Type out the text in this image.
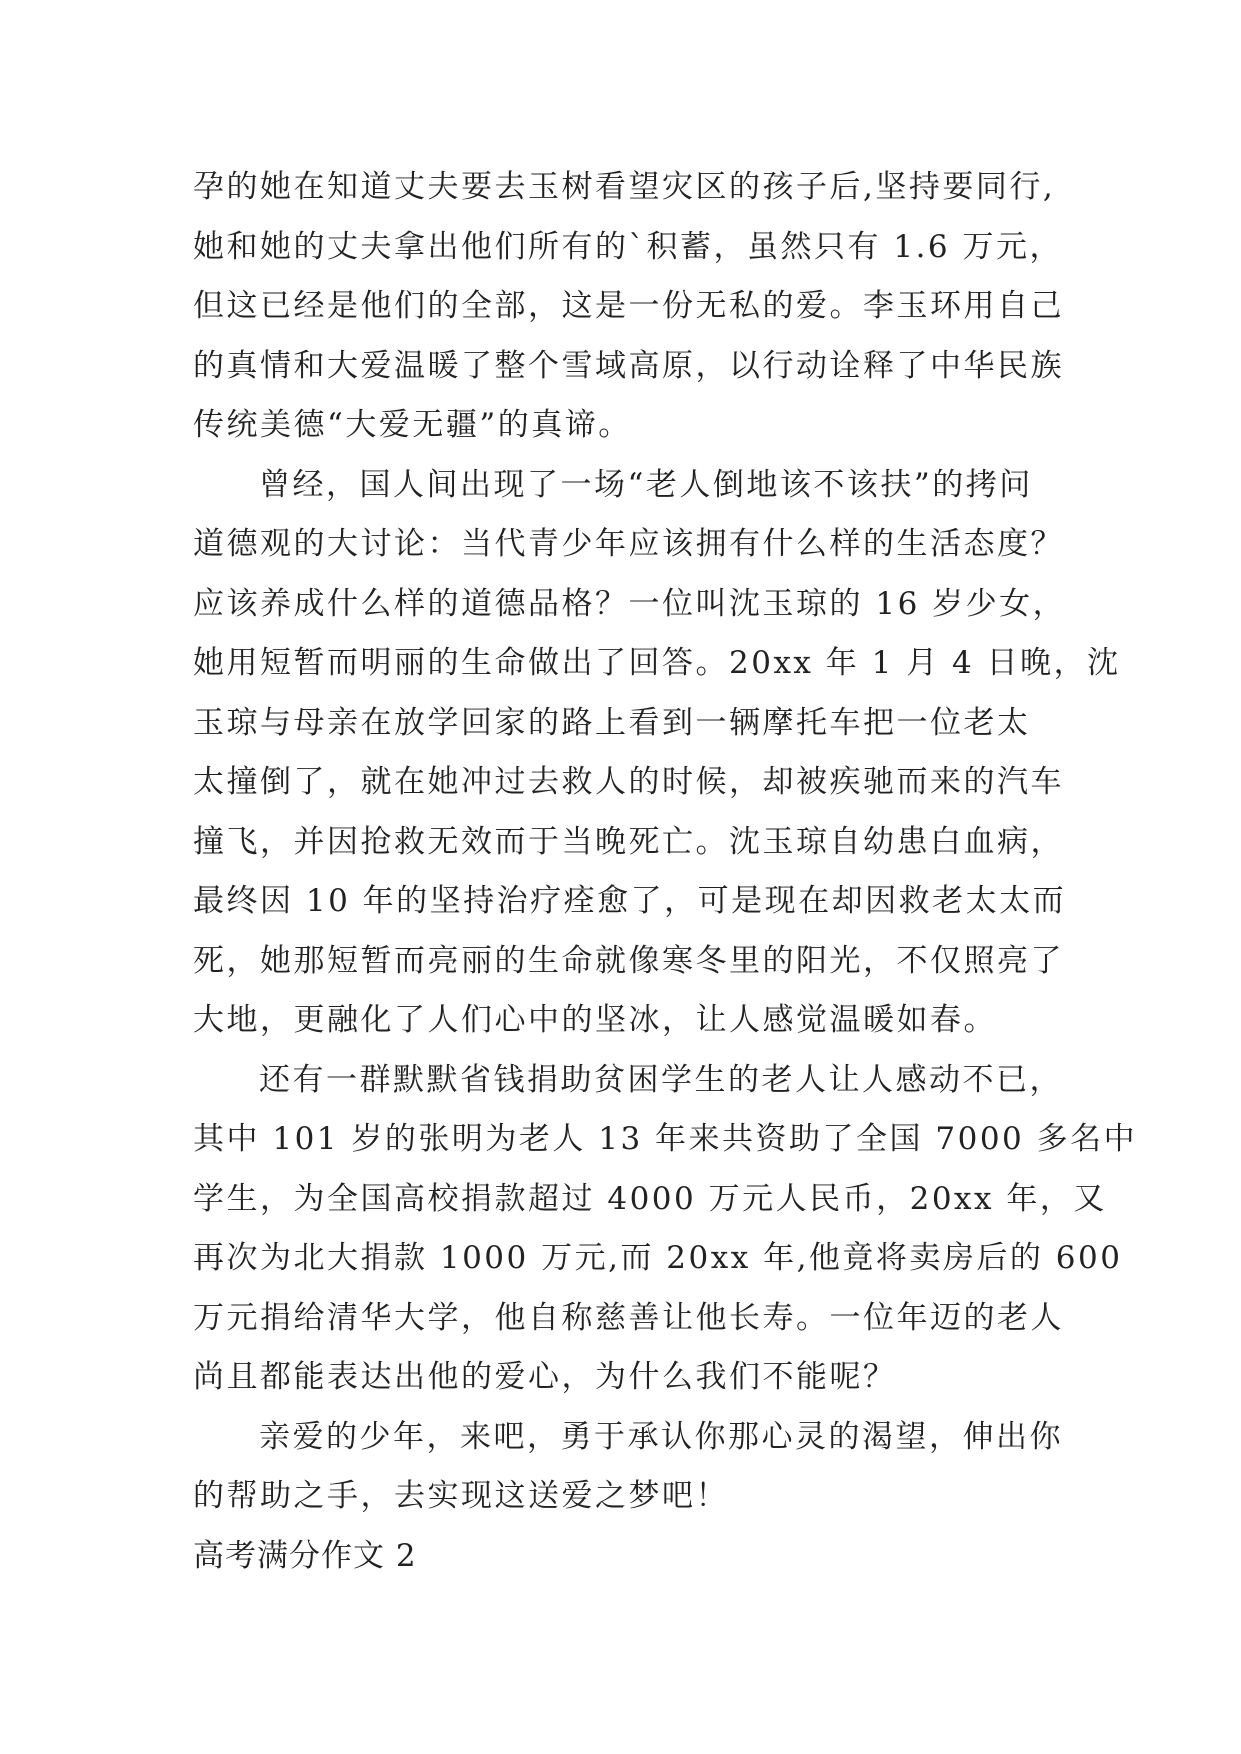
孕的她在知道丈夫要去玉树看望灾区的孩子后,坚持要同行,
她和她的丈夫拿出他们所有的`积蓄，虽然只有 1.6 万元，
但这已经是他们的全部，这是一份无私的爱。李玉环用自己
的真情和大爱温暖了整个雪域高原，以行动诠释了中华民族
传统美德“大爱无疆”的真谛。
曾经，国人间出现了一场“老人倒地该不该扶”的拷问
道德观的大讨论：当代青少年应该拥有什么样的生活态度？
应该养成什么样的道德品格？一位叫沈玉琼的 16 岁少女，
她用短暂而明丽的生命做出了回答。20xx 年 1 月 4 日晚，沈
玉琼与母亲在放学回家的路上看到一辆摩托车把一位老太
太撞倒了，就在她冲过去救人的时候，却被疾驰而来的汽车
撞飞，并因抢救无效而于当晚死亡。沈玉琼自幼患白血病，
最终因 10 年的坚持治疗痊愈了，可是现在却因救老太太而
死，她那短暂而亮丽的生命就像寒冬里的阳光，不仅照亮了
大地，更融化了人们心中的坚冰，让人感觉温暖如春。
还有一群默默省钱捐助贫困学生的老人让人感动不已，
其中 101 岁的张明为老人 13 年来共资助了全国 7000 多名中
学生，为全国高校捐款超过 4000 万元人民币，20xx 年，又
再次为北大捐款 1000 万元,而 20xx 年,他竟将卖房后的 600
万元捐给清华大学，他自称慈善让他长寿。一位年迈的老人
尚且都能表达出他的爱心，为什么我们不能呢？
亲爱的少年，来吧，勇于承认你那心灵的渴望，伸出你
的帮助之手，去实现这送爱之梦吧！
高考满分作文 2
